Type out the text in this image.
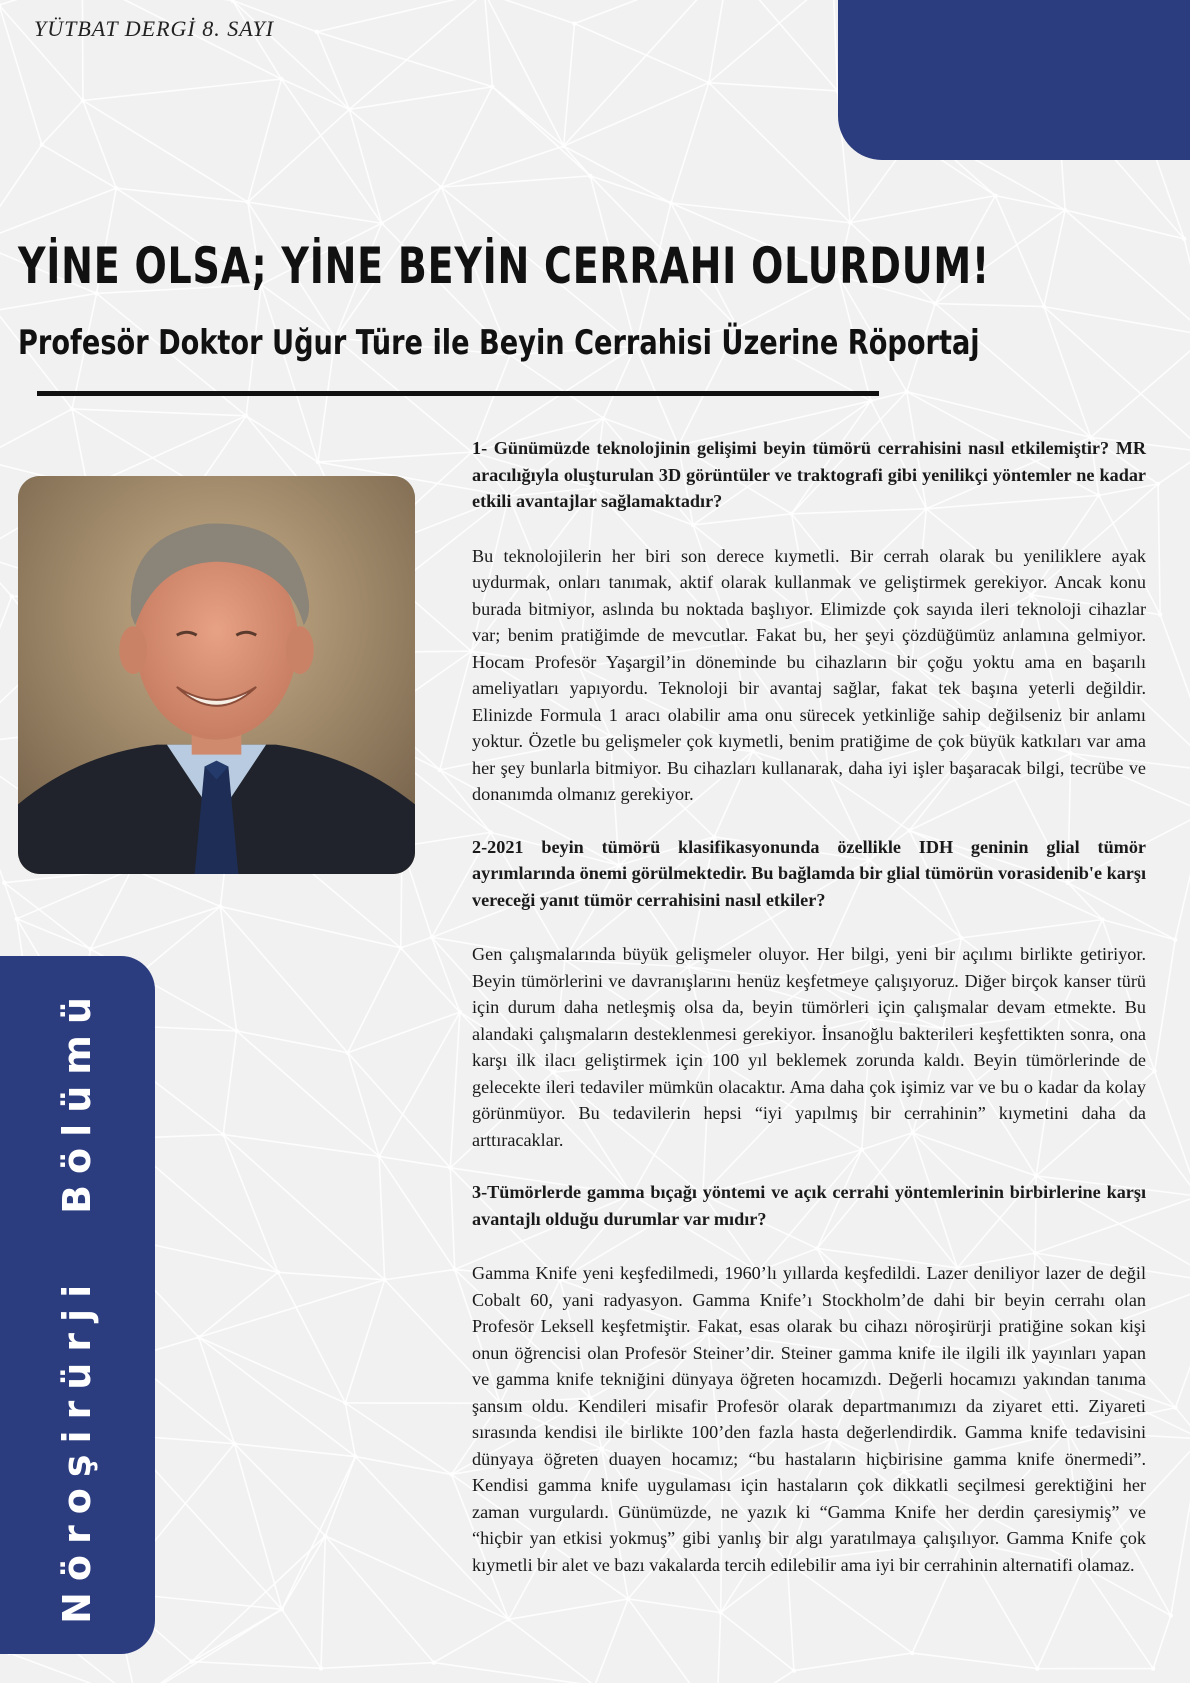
YÜTBAT DERGİ 8. SAYI
YİNE OLSA; YİNE BEYİN CERRAHI OLURDUM!
Profesör Doktor Uğur Türe ile Beyin Cerrahisi Üzerine Röportaj
NöroşirürjiBölümü

1- Günümüzde teknolojinin gelişimi beyin tümörü cerrahisini nasıl etkilemiştir? MR aracılığıyla oluşturulan 3D görüntüler ve traktografi gibi yenilikçi yöntemler ne kadar etkili avantajlar sağlamaktadır?

Bu teknolojilerin her biri son derece kıymetli. Bir cerrah olarak bu yeniliklere ayak uydurmak, onları tanımak, aktif olarak kullanmak ve geliştirmek gerekiyor. Ancak konu burada bitmiyor, aslında bu noktada başlıyor. Elimizde çok sayıda ileri teknoloji cihazlar var; benim pratiğimde de mevcutlar. Fakat bu, her şeyi çözdüğümüz anlamına gelmiyor. Hocam Profesör Yaşargil’in döneminde bu cihazların bir çoğu yoktu ama en başarılı ameliyatları yapıyordu. Teknoloji bir avantaj sağlar, fakat tek başına yeterli değildir. Elinizde Formula 1 aracı olabilir ama onu sürecek yetkinliğe sahip değilseniz bir anlamı yoktur. Özetle bu gelişmeler çok kıymetli, benim pratiğime de çok büyük katkıları var ama her şey bunlarla bitmiyor. Bu cihazları kullanarak, daha iyi işler başaracak bilgi, tecrübe ve donanımda olmanız gerekiyor.

2-2021 beyin tümörü klasifikasyonunda özellikle IDH geninin glial tümör ayrımlarında önemi görülmektedir. Bu bağlamda bir glial tümörün vorasidenib'e karşı vereceği yanıt tümör cerrahisini nasıl etkiler?

Gen çalışmalarında büyük gelişmeler oluyor. Her bilgi, yeni bir açılımı birlikte getiriyor. Beyin tümörlerini ve davranışlarını henüz keşfetmeye çalışıyoruz. Diğer birçok kanser türü için durum daha netleşmiş olsa da, beyin tümörleri için çalışmalar devam etmekte. Bu alandaki çalışmaların desteklenmesi gerekiyor. İnsanoğlu bakterileri keşfettikten sonra, ona karşı ilk ilacı geliştirmek için 100 yıl beklemek zorunda kaldı. Beyin tümörlerinde de gelecekte ileri tedaviler mümkün olacaktır. Ama daha çok işimiz var ve bu o kadar da kolay görünmüyor. Bu tedavilerin hepsi “iyi yapılmış bir cerrahinin” kıymetini daha da arttıracaklar.

3-Tümörlerde gamma bıçağı yöntemi ve açık cerrahi yöntemlerinin birbirlerine karşı avantajlı olduğu durumlar var mıdır?

Gamma Knife yeni keşfedilmedi, 1960’lı yıllarda keşfedildi. Lazer deniliyor lazer de değil Cobalt 60, yani radyasyon. Gamma Knife’ı Stockholm’de dahi bir beyin cerrahı olan Profesör Leksell keşfetmiştir. Fakat, esas olarak bu cihazı nöroşirürji pratiğine sokan kişi onun öğrencisi olan Profesör Steiner’dir. Steiner gamma knife ile ilgili ilk yayınları yapan ve gamma knife tekniğini dünyaya öğreten hocamızdı. Değerli hocamızı yakından tanıma şansım oldu. Kendileri misafir Profesör olarak departmanımızı da ziyaret etti. Ziyareti sırasında kendisi ile birlikte 100’den fazla hasta değerlendirdik. Gamma knife tedavisini dünyaya öğreten duayen hocamız; “bu hastaların hiçbirisine gamma knife önermedi”. Kendisi gamma knife uygulaması için hastaların çok dikkatli seçilmesi gerektiğini her zaman vurgulardı. Günümüzde, ne yazık ki “Gamma Knife her derdin çaresiymiş” ve “hiçbir yan etkisi yokmuş” gibi yanlış bir algı yaratılmaya çalışılıyor. Gamma Knife çok kıymetli bir alet ve bazı vakalarda tercih edilebilir ama iyi bir cerrahinin alternatifi olamaz.
